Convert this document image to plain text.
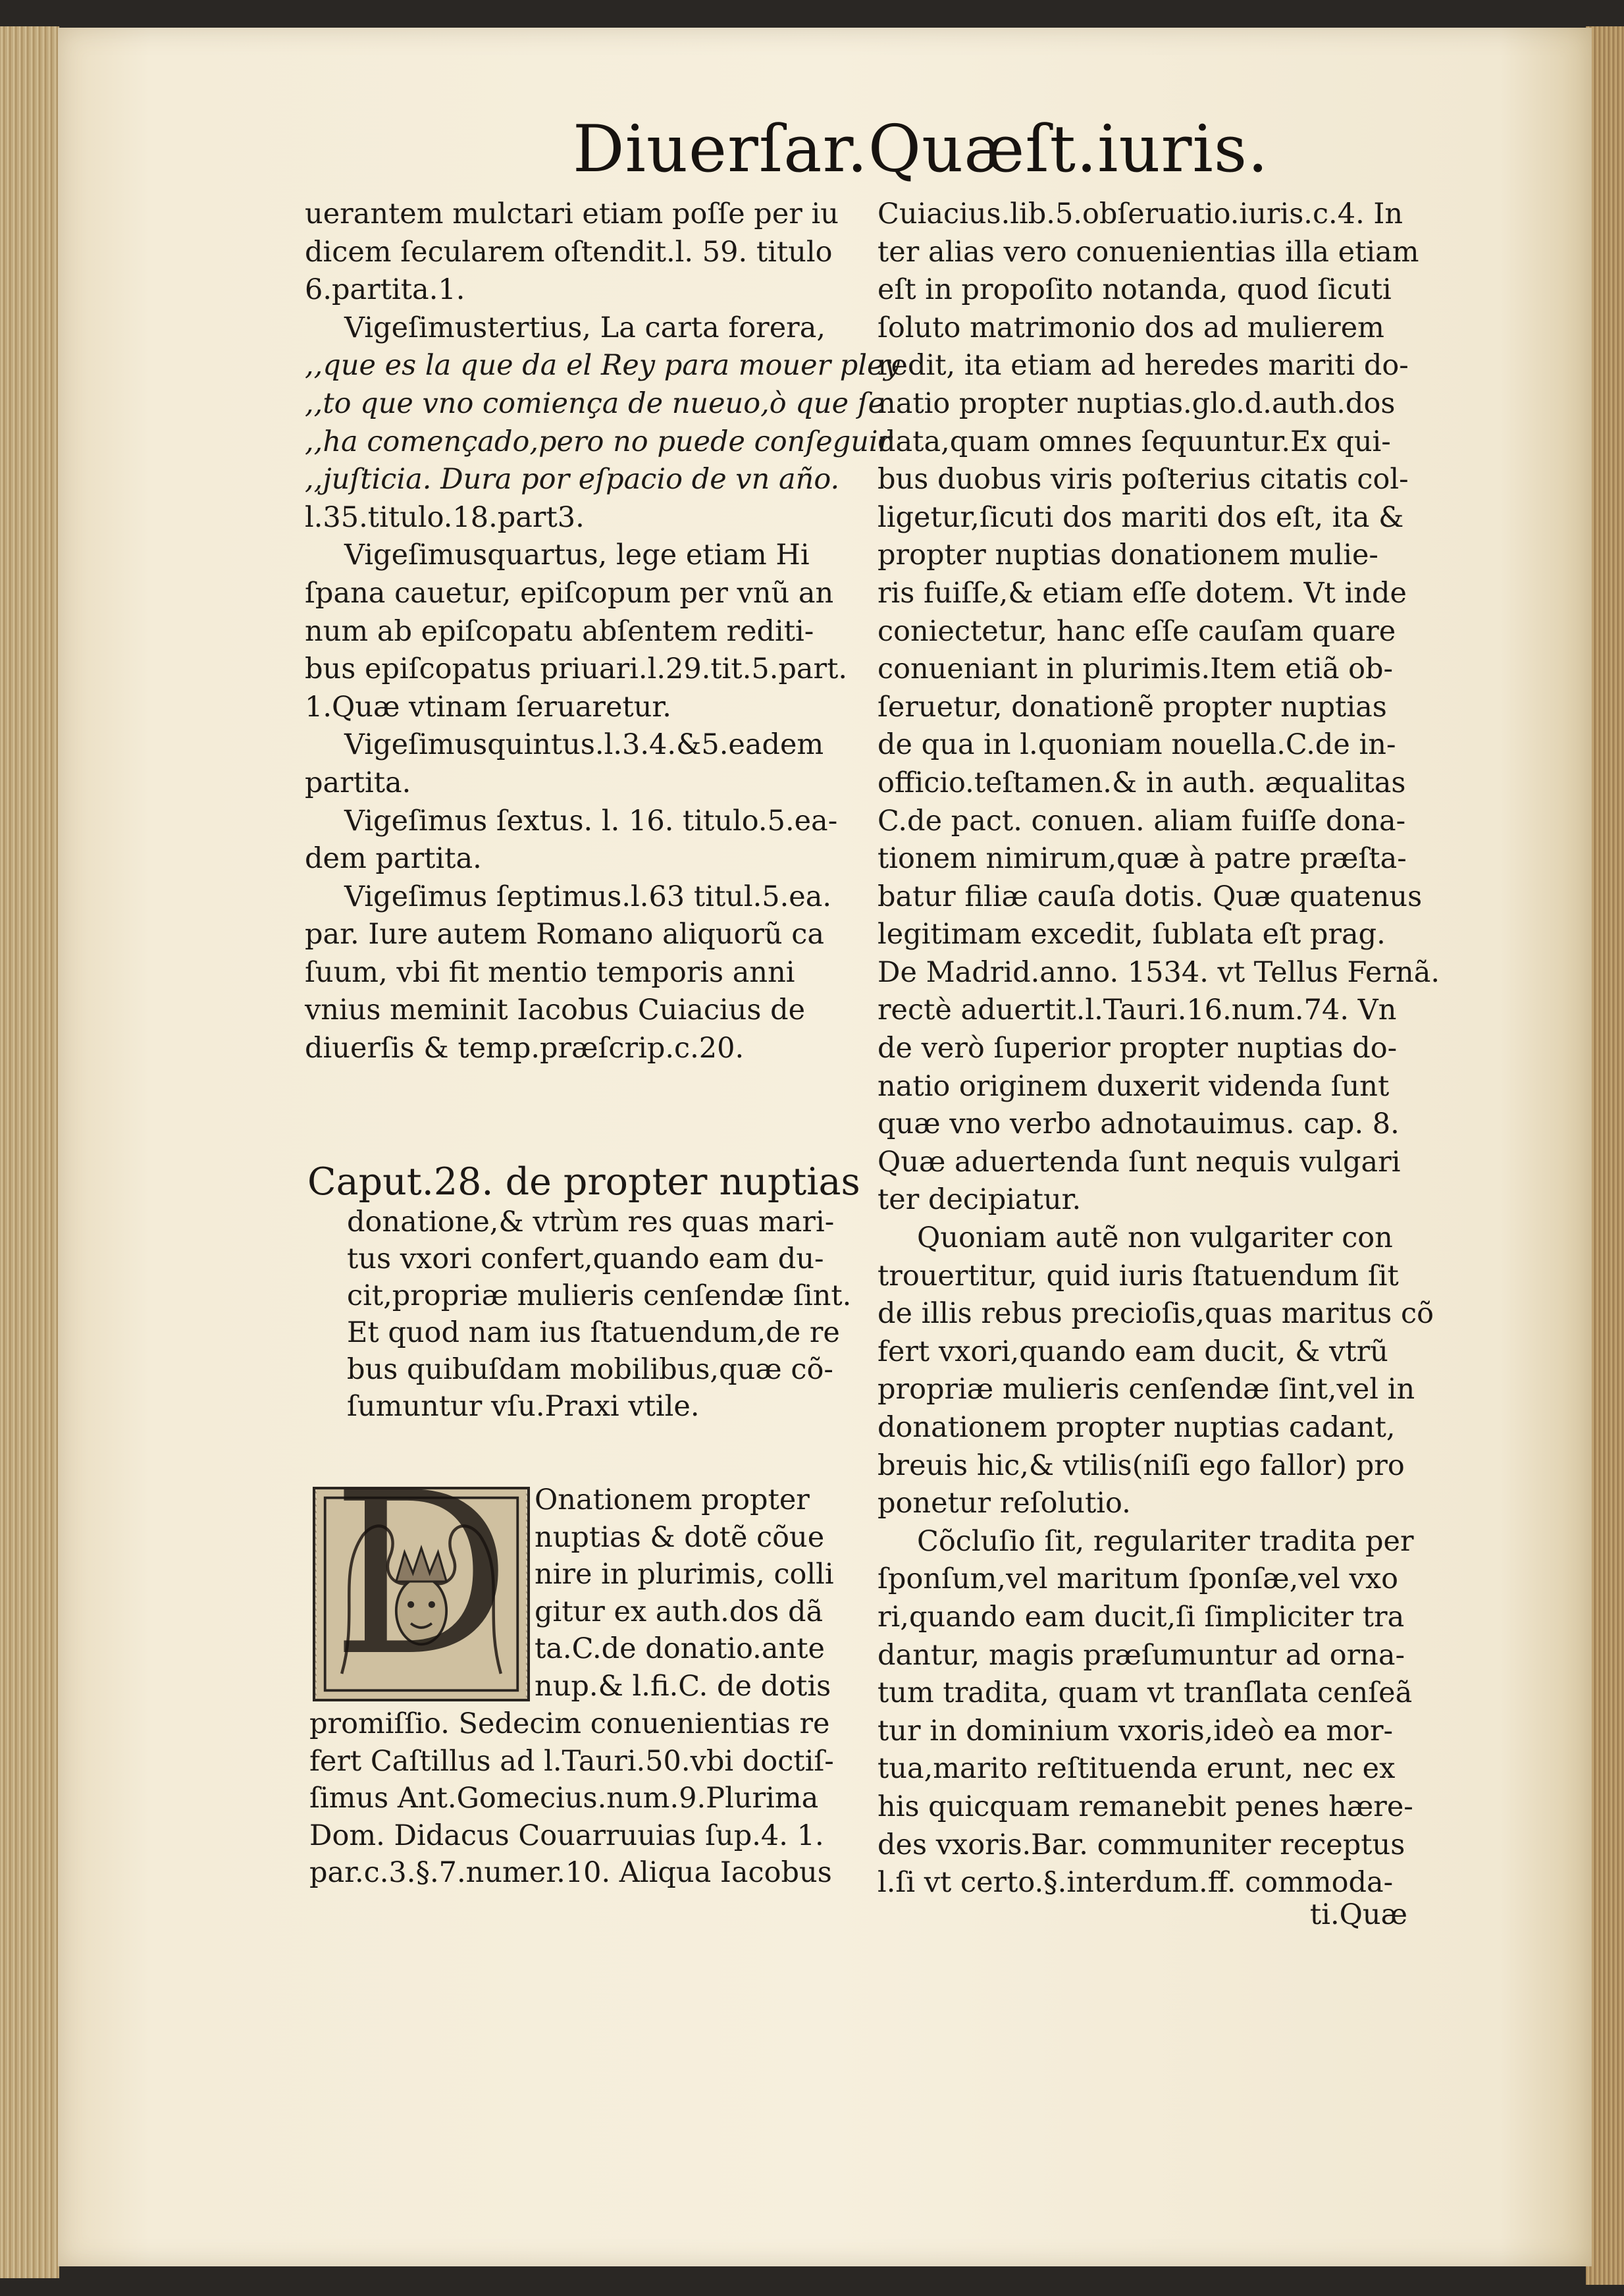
Diuerſar.Quæſt.iuris.
uerantem mulctari etiam poſſe per iu
dicem ſecularem oſtendit.l. 59. titulo
6.partita.1.
Vigeſimustertius, La carta forera,
,,que es la que da el Rey para mouer pley
,,to que vno comiença de nueuo,ò que ſe
,,ha començado,pero no puede conſeguir
,,juſticia. Dura por eſpacio de vn año.
l.35.titulo.18.part3.
Vigeſimusquartus, lege etiam Hi
ſpana cauetur, epiſcopum per vnũ an
num ab epiſcopatu abſentem rediti-
bus epiſcopatus priuari.l.29.tit.5.part.
1.Quæ vtinam ſeruaretur.
Vigeſimusquintus.l.3.4.&5.eadem
partita.
Vigeſimus ſextus. l. 16. titulo.5.ea-
dem partita.
Vigeſimus ſeptimus.l.63 titul.5.ea.
par. Iure autem Romano aliquorũ ca
ſuum, vbi fit mentio temporis anni
vnius meminit Iacobus Cuiacius de
diuerſis & temp.præſcrip.c.20.
Caput.28. de propter nuptias
donatione,& vtrùm res quas mari-
tus vxori confert,quando eam du-
cit,propriæ mulieris cenſendæ ſint.
Et quod nam ius ſtatuendum,de re
bus quibuſdam mobilibus,quæ cõ-
ſumuntur vſu.Praxi vtile.
D Onationem propter
nuptias & dotẽ cõue
nire in plurimis, colli
gitur ex auth.dos dã
ta.C.de donatio.ante
nup.& l.fi.C. de dotis
promiſſio. Sedecim conuenientias re
fert Caſtillus ad l.Tauri.50.vbi doctiſ-
ſimus Ant.Gomecius.num.9.Plurima
Dom. Didacus Couarruuias ſup.4. 1.
par.c.3.§.7.numer.10. Aliqua Iacobus
Cuiacius.lib.5.obſeruatio.iuris.c.4. In
ter alias vero conuenientias illa etiam
eſt in propoſito notanda, quod ſicuti
ſoluto matrimonio dos ad mulierem
redit, ita etiam ad heredes mariti do-
natio propter nuptias.glo.d.auth.dos
data,quam omnes ſequuntur.Ex qui-
bus duobus viris poſterius citatis col-
ligetur,ſicuti dos mariti dos eſt, ita &
propter nuptias donationem mulie-
ris fuiſſe,& etiam eſſe dotem. Vt inde
coniectetur, hanc eſſe cauſam quare
conueniant in plurimis.Item etiã ob-
ſeruetur, donationẽ propter nuptias
de qua in l.quoniam nouella.C.de in-
officio.teſtamen.& in auth. æqualitas
C.de pact. conuen. aliam fuiſſe dona-
tionem nimirum,quæ à patre præſta-
batur filiæ cauſa dotis. Quæ quatenus
legitimam excedit, ſublata eſt prag.
De Madrid.anno. 1534. vt Tellus Fernã.
rectè aduertit.l.Tauri.16.num.74. Vn
de verò ſuperior propter nuptias do-
natio originem duxerit videnda ſunt
quæ vno verbo adnotauimus. cap. 8.
Quæ aduertenda ſunt nequis vulgari
ter decipiatur.
Quoniam autẽ non vulgariter con
trouertitur, quid iuris ſtatuendum ſit
de illis rebus precioſis,quas maritus cõ
fert vxori,quando eam ducit, & vtrũ
propriæ mulieris cenſendæ ſint,vel in
donationem propter nuptias cadant,
breuis hic,& vtilis(niſi ego fallor) pro
ponetur reſolutio.
Cõcluſio ſit, regulariter tradita per
ſponſum,vel maritum ſponſæ,vel vxo
ri,quando eam ducit,ſi ſimpliciter tra
dantur, magis præſumuntur ad orna-
tum tradita, quam vt tranſlata cenſeã
tur in dominium vxoris,ideò ea mor-
tua,marito reſtituenda erunt, nec ex
his quicquam remanebit penes hære-
des vxoris.Bar. communiter receptus
l.ſi vt certo.§.interdum.ff. commoda-
ti.Quæ
